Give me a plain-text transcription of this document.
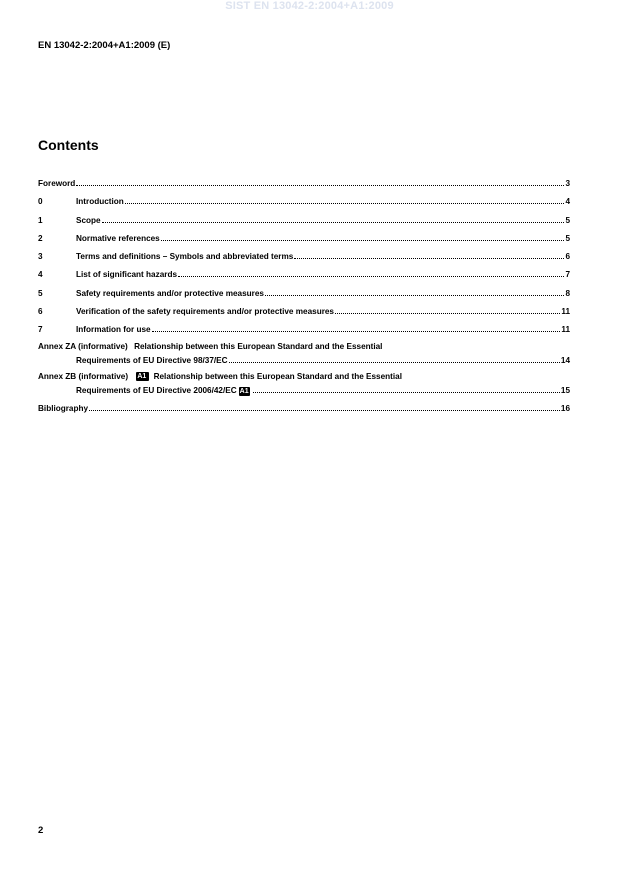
SIST EN 13042-2:2004+A1:2009
EN 13042-2:2004+A1:2009 (E)
Contents
Foreword	3
0	Introduction	4
1	Scope	5
2	Normative references	5
3	Terms and definitions – Symbols and abbreviated terms	6
4	List of significant hazards	7
5	Safety requirements and/or protective measures	8
6	Verification of the safety requirements and/or protective measures	11
7	Information for use	11
Annex ZA (informative) Relationship between this European Standard and the Essential
Requirements of EU Directive 98/37/EC	14
Annex ZB (informative) A1 Relationship between this European Standard and the Essential
Requirements of EU Directive 2006/42/EC A1	15
Bibliography	16
2
